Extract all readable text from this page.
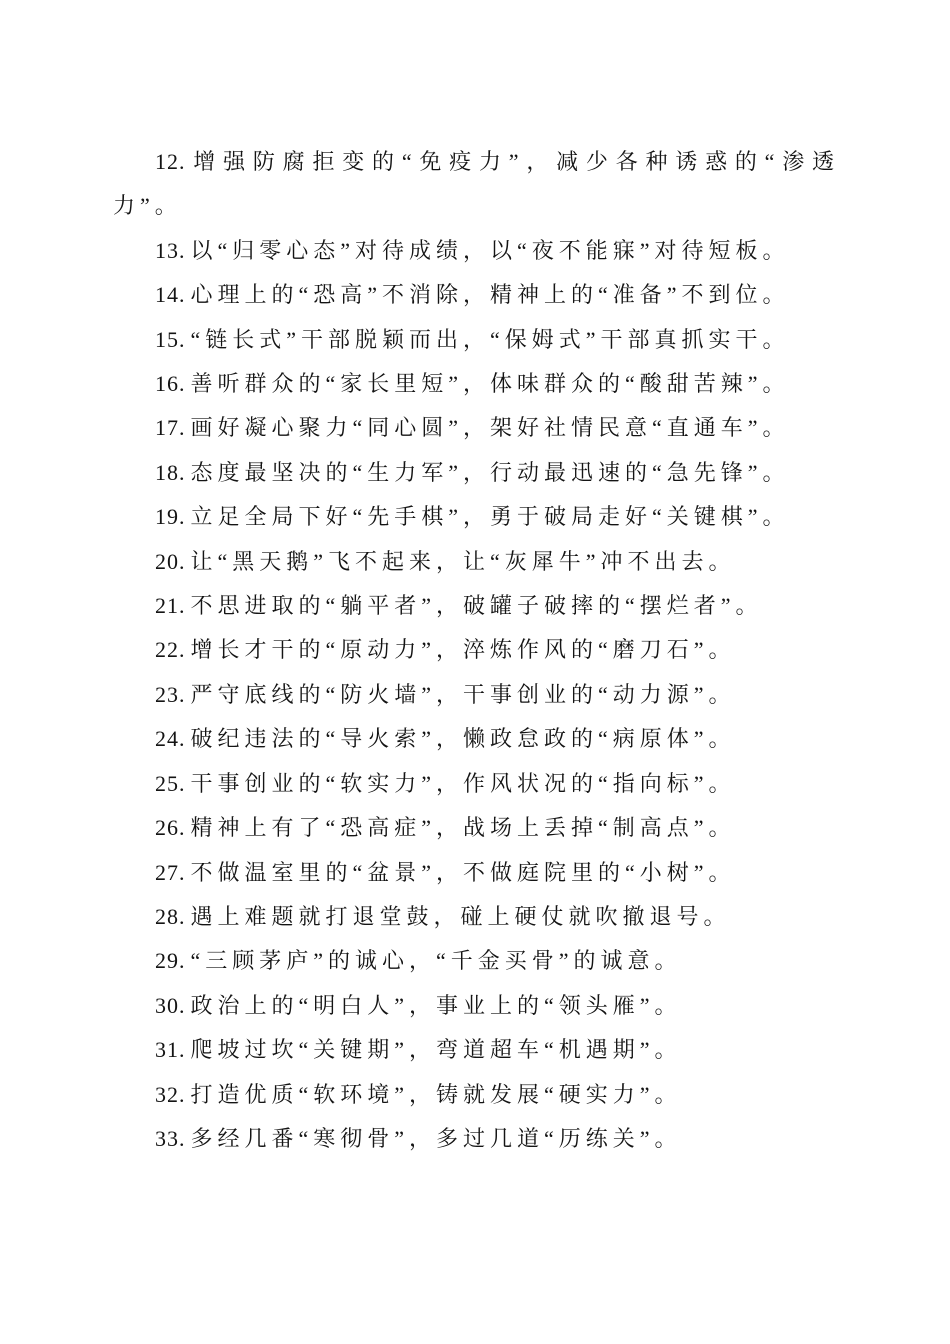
12. 增强防腐拒变的“免疫力”，减少各种诱惑的“渗透力”。

13. 以“归零心态”对待成绩，以“夜不能寐”对待短板。

14. 心理上的“恐高”不消除，精神上的“准备”不到位。

15. “链长式”干部脱颖而出，“保姆式”干部真抓实干。

16. 善听群众的“家长里短”，体味群众的“酸甜苦辣”。

17. 画好凝心聚力“同心圆”，架好社情民意“直通车”。

18. 态度最坚决的“生力军”，行动最迅速的“急先锋”。

19. 立足全局下好“先手棋”，勇于破局走好“关键棋”。

20. 让“黑天鹅”飞不起来，让“灰犀牛”冲不出去。

21. 不思进取的“躺平者”，破罐子破摔的“摆烂者”。

22. 增长才干的“原动力”，淬炼作风的“磨刀石”。

23. 严守底线的“防火墙”，干事创业的“动力源”。

24. 破纪违法的“导火索”，懒政怠政的“病原体”。

25. 干事创业的“软实力”，作风状况的“指向标”。

26. 精神上有了“恐高症”，战场上丢掉“制高点”。

27. 不做温室里的“盆景”，不做庭院里的“小树”。

28. 遇上难题就打退堂鼓，碰上硬仗就吹撤退号。

29. “三顾茅庐”的诚心，“千金买骨”的诚意。

30. 政治上的“明白人”，事业上的“领头雁”。

31. 爬坡过坎“关键期”，弯道超车“机遇期”。

32. 打造优质“软环境”，铸就发展“硬实力”。

33. 多经几番“寒彻骨”，多过几道“历练关”。
